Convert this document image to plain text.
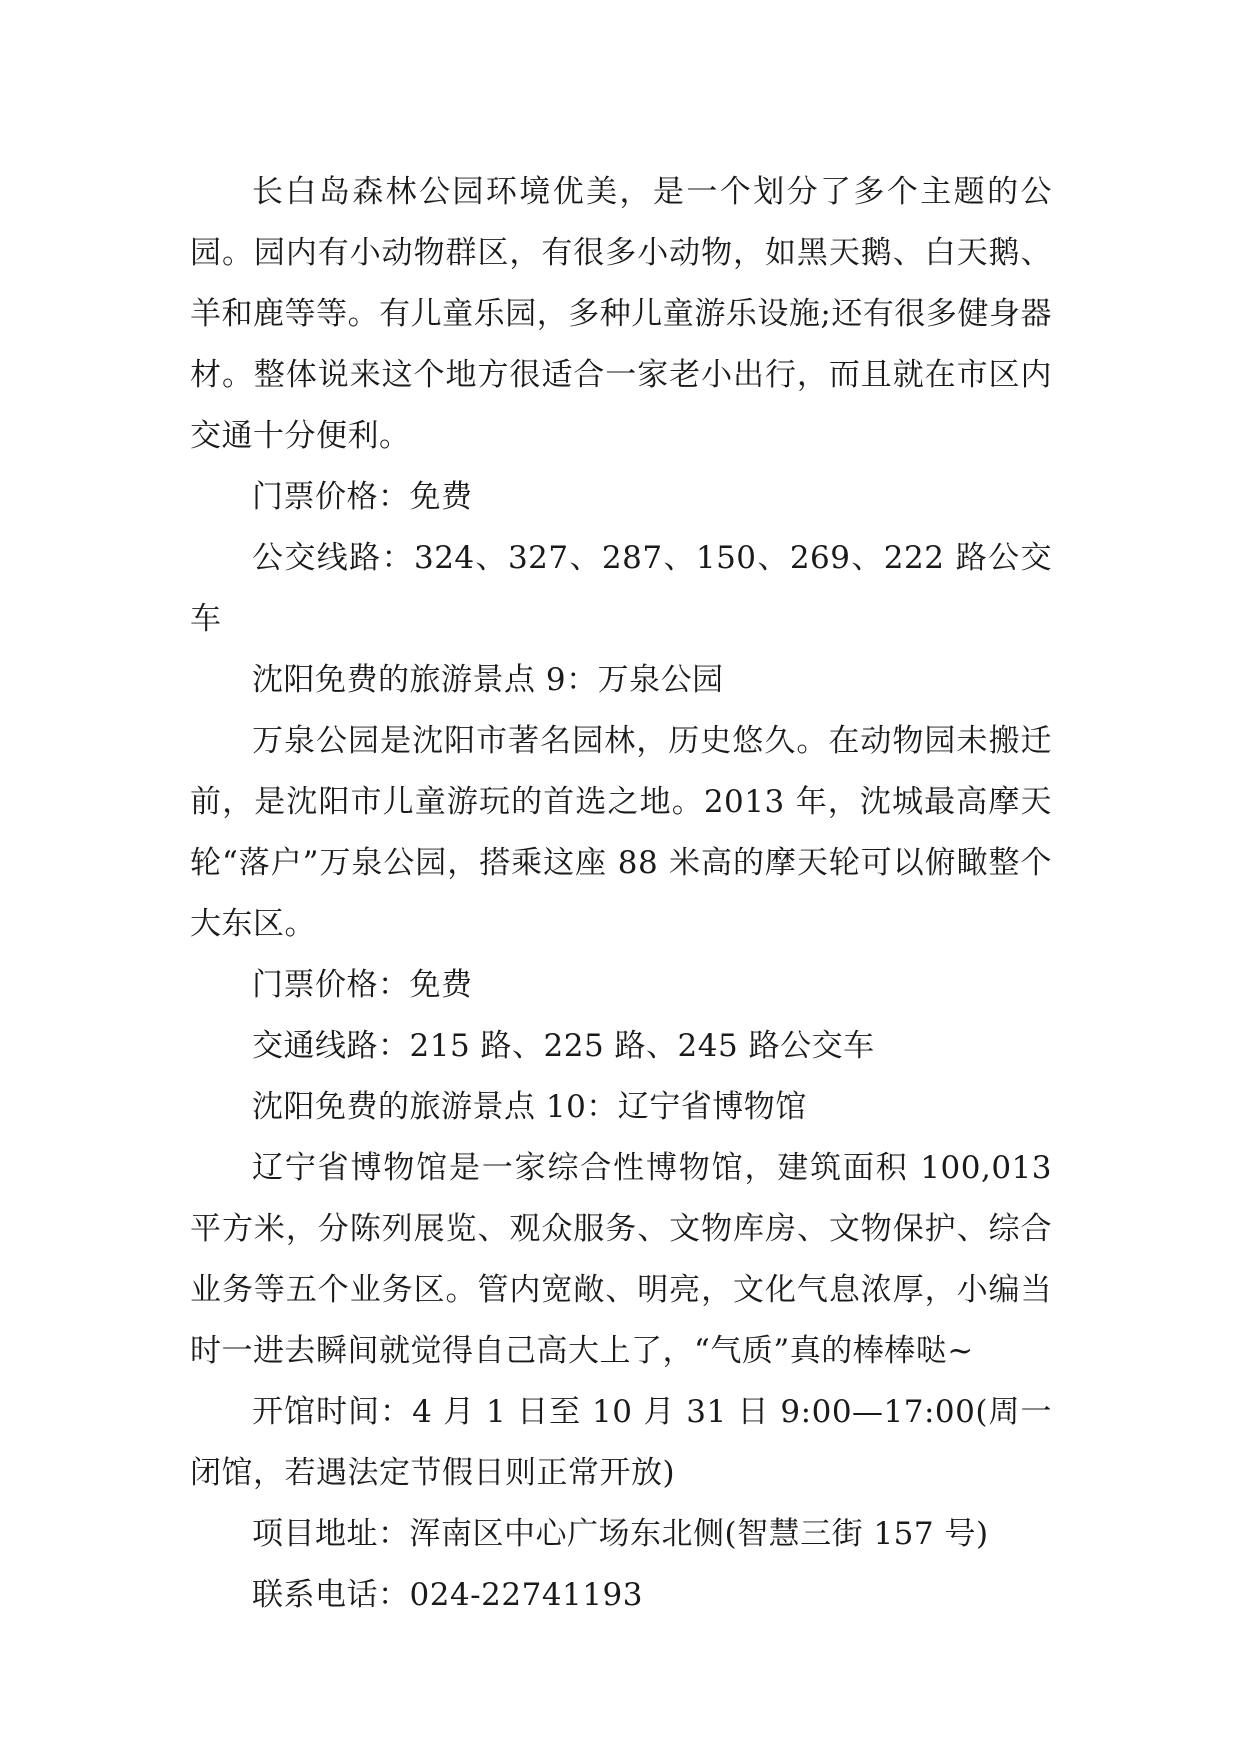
长白岛森林公园环境优美，是一个划分了多个主题的公园。园内有小动物群区，有很多小动物，如黑天鹅、白天鹅、羊和鹿等等。有儿童乐园，多种儿童游乐设施;还有很多健身器材。整体说来这个地方很适合一家老小出行，而且就在市区内交通十分便利。

门票价格：免费

公交线路：324、327、287、150、269、222 路公交车

沈阳免费的旅游景点 9：万泉公园

万泉公园是沈阳市著名园林，历史悠久。在动物园未搬迁前，是沈阳市儿童游玩的首选之地。2013 年，沈城最高摩天轮“落户”万泉公园，搭乘这座 88 米高的摩天轮可以俯瞰整个大东区。

门票价格：免费

交通线路：215 路、225 路、245 路公交车

沈阳免费的旅游景点 10：辽宁省博物馆

辽宁省博物馆是一家综合性博物馆，建筑面积 100,013 平方米，分陈列展览、观众服务、文物库房、文物保护、综合业务等五个业务区。管内宽敞、明亮，文化气息浓厚，小编当时一进去瞬间就觉得自己高大上了，“气质”真的棒棒哒~

开馆时间：4 月 1 日至 10 月 31 日 9:00—17:00(周一闭馆，若遇法定节假日则正常开放)

项目地址：浑南区中心广场东北侧(智慧三街 157 号)

联系电话：024-22741193
